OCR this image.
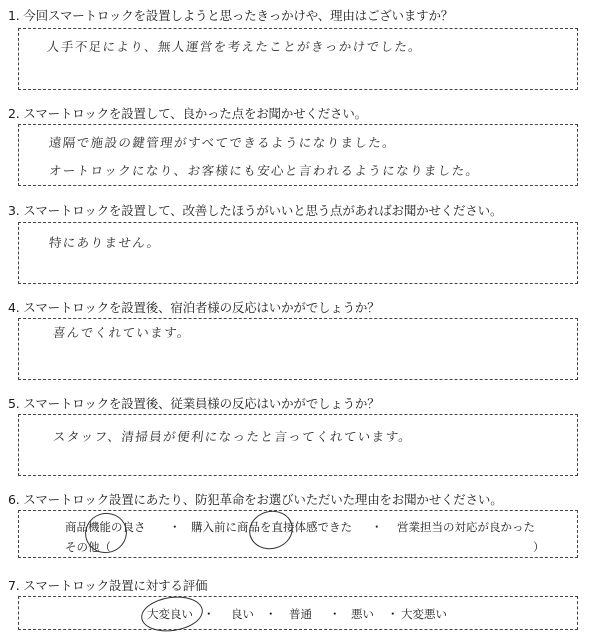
1. 今回スマートロックを設置しようと思ったきっかけや、理由はございますか？
人手不足により、無人運営を考えたことがきっかけでした。
2. スマートロックを設置して、良かった点をお聞かせください。
遠隔で施設の鍵管理がすべてできるようになりました。
オートロックになり、お客様にも安心と言われるようになりました。
3. スマートロックを設置して、改善したほうがいいと思う点があればお聞かせください。
特にありません。
4. スマートロックを設置後、宿泊者様の反応はいかがでしょうか？
喜んでくれています。
5. スマートロックを設置後、従業員様の反応はいかがでしょうか？
スタッフ、清掃員が便利になったと言ってくれています。
6. スマートロック設置にあたり、防犯革命をお選びいただいた理由をお聞かせください。
商品機能の良さ ・ 購入前に商品を直接体感できた ・ 営業担当の対応が良かった
その他（	）
7. スマートロック設置に対する評価
大変良い ・ 良い ・ 普通 ・ 悪い ・ 大変悪い
